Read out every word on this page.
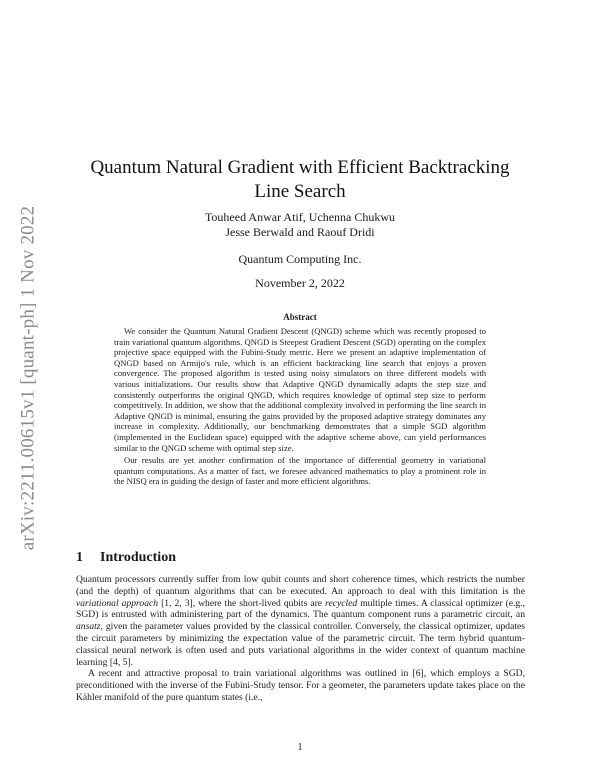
arXiv:2211.00615v1 [quant-ph] 1 Nov 2022
Quantum Natural Gradient with Efficient Backtracking
Line Search
Touheed Anwar Atif, Uchenna Chukwu
Jesse Berwald and Raouf Dridi
Quantum Computing Inc.
November 2, 2022
Abstract

We consider the Quantum Natural Gradient Descent (QNGD) scheme which was recently proposed to train variational quantum algorithms. QNGD is Steepest Gradient Descent (SGD) operating on the complex projective space equipped with the Fubini-Study metric. Here we present an adaptive implementation of QNGD based on Armijo's rule, which is an efficient backtracking line search that enjoys a proven convergence. The proposed algorithm is tested using noisy simulators on three different models with various initializations. Our results show that Adaptive QNGD dynamically adapts the step size and consistently outperforms the original QNGD, which requires knowledge of optimal step size to perform competitively. In addition, we show that the additional complexity involved in performing the line search in Adaptive QNGD is minimal, ensuring the gains provided by the proposed adaptive strategy dominates any increase in complexity. Additionally, our benchmarking demonstrates that a simple SGD algorithm (implemented in the Euclidean space) equipped with the adaptive scheme above, can yield performances similar to the QNGD scheme with optimal step size.

Our results are yet another confirmation of the importance of differential geometry in variational quantum computations. As a matter of fact, we foresee advanced mathematics to play a prominent role in the NISQ era in guiding the design of faster and more efficient algorithms.

1 Introduction

Quantum processors currently suffer from low qubit counts and short coherence times, which restricts the number (and the depth) of quantum algorithms that can be executed. An approach to deal with this limitation is the variational approach [1, 2, 3], where the short-lived qubits are recycled multiple times. A classical optimizer (e.g., SGD) is entrusted with administering part of the dynamics. The quantum component runs a parametric circuit, an ansatz, given the parameter values provided by the classical controller. Conversely, the classical optimizer, updates the circuit parameters by minimizing the expectation value of the parametric circuit. The term hybrid quantum-classical neural network is often used and puts variational algorithms in the wider context of quantum machine learning [4, 5].

A recent and attractive proposal to train variational algorithms was outlined in [6], which employs a SGD, preconditioned with the inverse of the Fubini-Study tensor. For a geometer, the parameters update takes place on the Kähler manifold of the pure quantum states (i.e.,

1
